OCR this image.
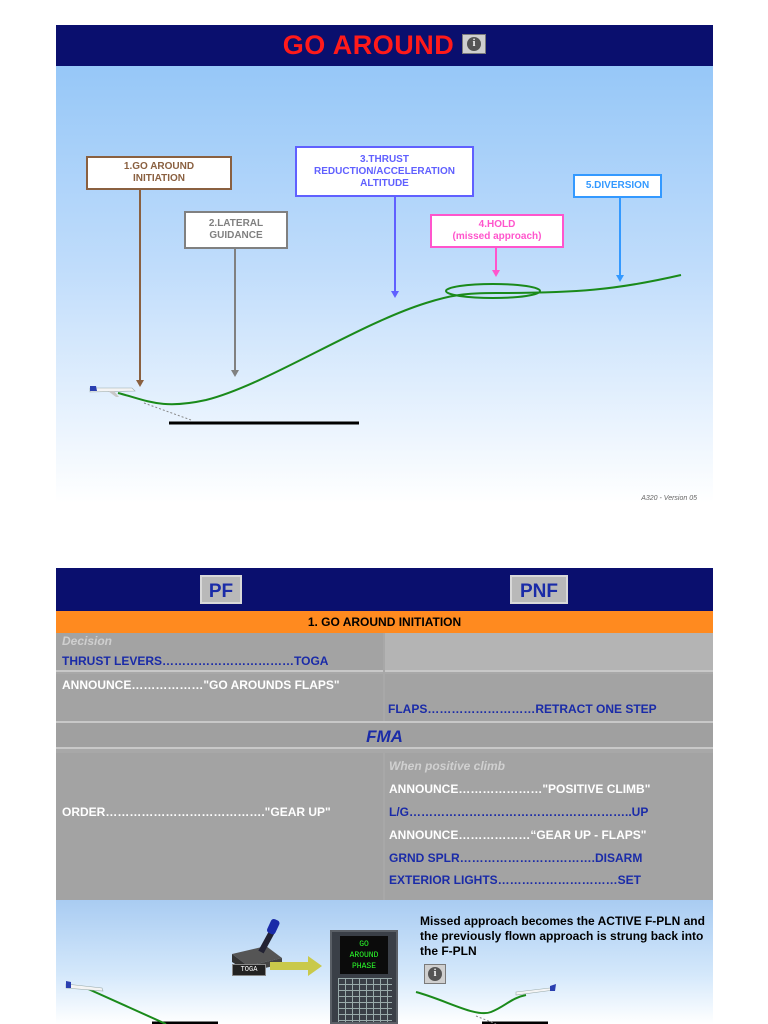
GO AROUND	i
1.GO AROUND INITIATION
2.LATERAL GUIDANCE
3.THRUST REDUCTION/ACCELERATION ALTITUDE
4.HOLD
(missed approach)
5.DIVERSION
A320 - Version 05
PF	PNF
1. GO AROUND INITIATION
Decision
THRUST LEVERS……………………………TOGA
ANNOUNCE………………"GO AROUNDS FLAPS"
FLAPS………………………RETRACT ONE STEP
FMA
When positive climb
ANNOUNCE…………………"POSITIVE CLIMB"
L/G………………………………………………..UP
ORDER…………………………………."GEAR UP"
ANNOUNCE………………“GEAR UP - FLAPS"
GRND SPLR…………………………….DISARM
EXTERIOR LIGHTS…………………………SET
TOGA
GO
AROUND
PHASE
Missed approach becomes the ACTIVE F-PLN and the previously flown approach is strung back into the F-PLN
i
